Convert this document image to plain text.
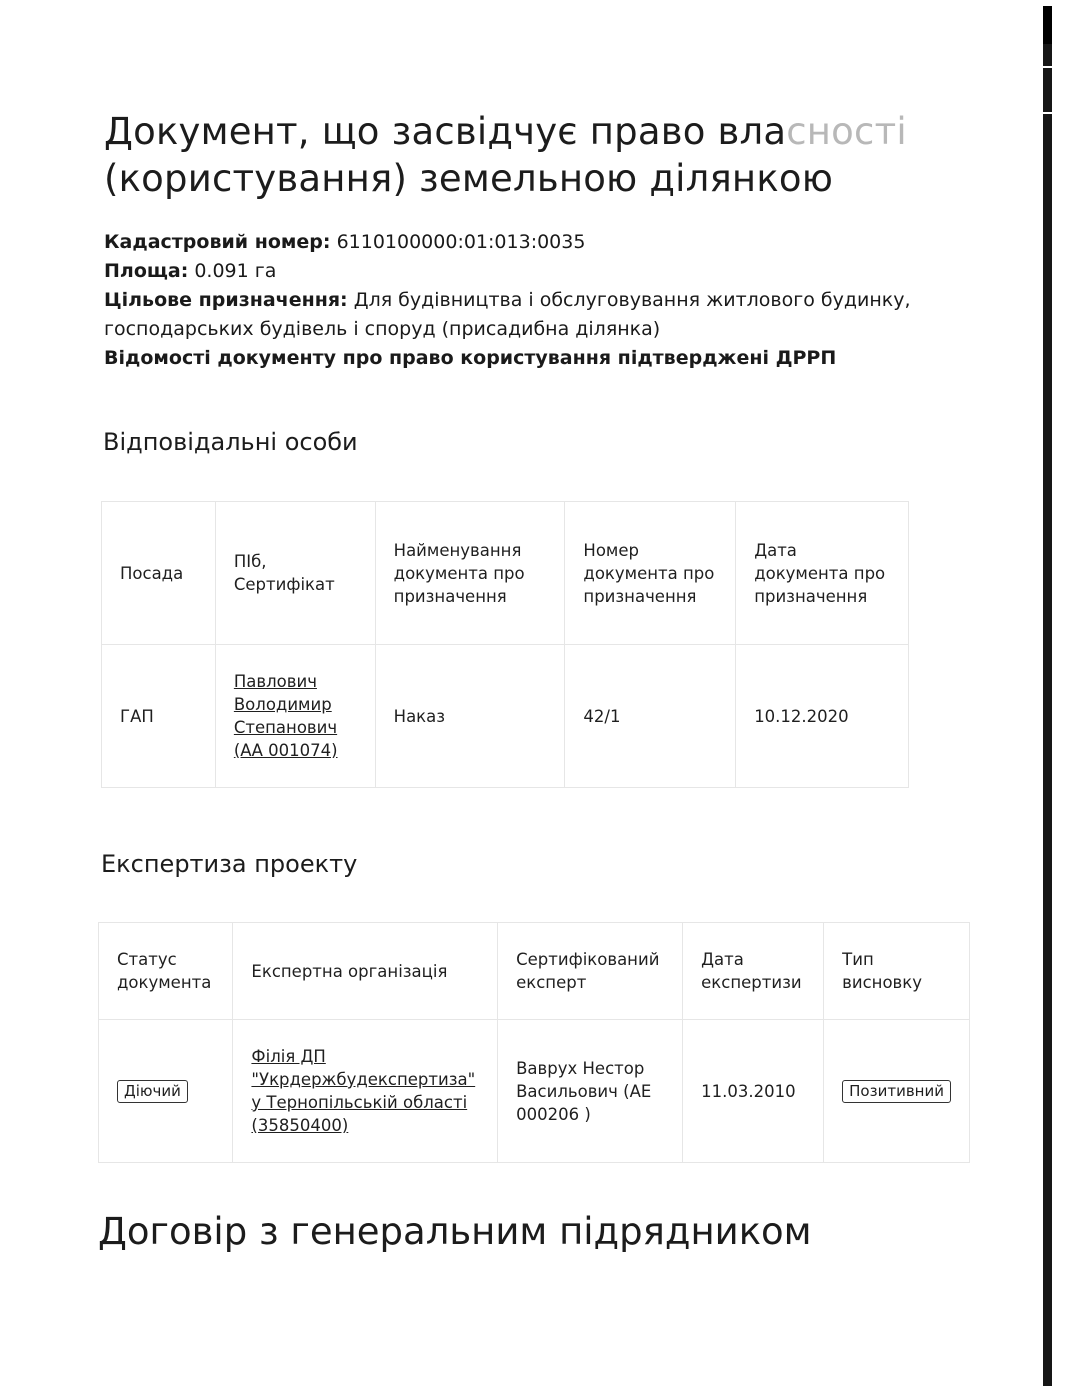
Документ, що засвідчує право власності
(користування) земельною ділянкою

Кадастровий номер: 6110100000:01:013:0035

Площа: 0.091 га

Цільове призначення: Для будівництва і обслуговування житлового будинку, господарських будівель і споруд (присадибна ділянка)

Відомості документу про право користування підтверджені ДРРП

Відповідальні особи
Посада	ПІб, Сертифікат	Найменування документа про призначення	Номер документа про призначення	Дата документа про призначення
ГАП	Павлович Володимир Степанович (АА 001074)	Наказ	42/1	10.12.2020
Експертиза проекту
Статус документа	Експертна організація	Сертифікований експерт	Дата експертизи	Тип висновку
Діючий	Філія ДП "Укрдержбудекспертиза" у Тернопільській області (35850400)	Ваврух Нестор Васильович (АЕ 000206 )	11.03.2010	Позитивний
Договір з генеральним підрядником
